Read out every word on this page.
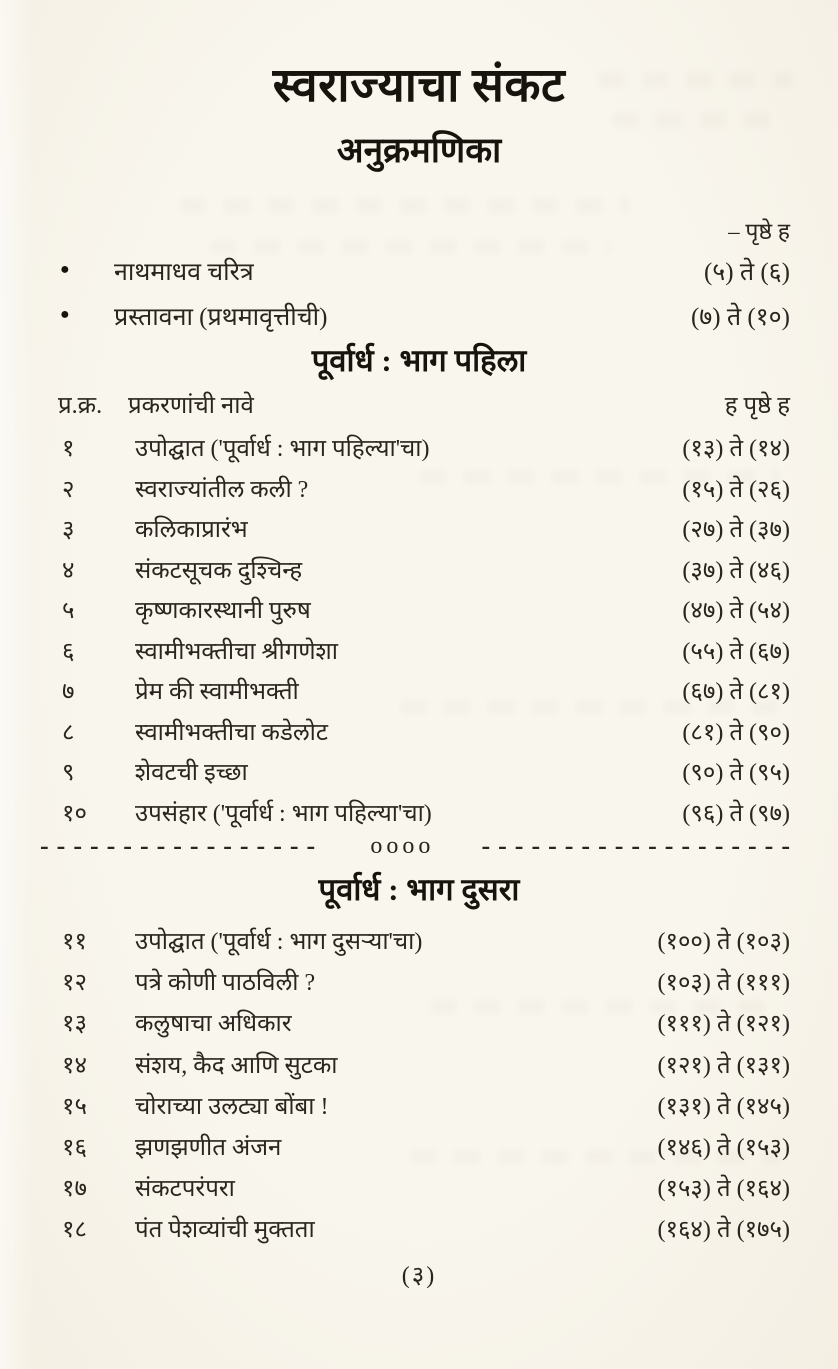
स्वराज्याचा संकट
अनुक्रमणिका
– पृष्ठे ह
● नाथमाधव चरित्र	(५) ते (६)
● प्रस्तावना (प्रथमावृत्तीची)	(७) ते (१०)
पूर्वार्ध : भाग पहिला
प्र.क्र. प्रकरणांची नावे	ह पृष्ठे ह
१	उपोद्घात ('पूर्वार्ध : भाग पहिल्या'चा)	(१३) ते (१४)
२	स्वराज्यांतील कली ?	(१५) ते (२६)
३	कलिकाप्रारंभ	(२७) ते (३७)
४	संकटसूचक दुश्चिन्ह	(३७) ते (४६)
५	कृष्णकारस्थानी पुरुष	(४७) ते (५४)
६	स्वामीभक्तीचा श्रीगणेशा	(५५) ते (६७)
७	प्रेम की स्वामीभक्ती	(६७) ते (८१)
८	स्वामीभक्तीचा कडेलोट	(८१) ते (९०)
९	शेवटची इच्छा	(९०) ते (९५)
१० उपसंहार ('पूर्वार्ध : भाग पहिल्या'चा)	(९६) ते (९७)
----------------- oooo -------------------
पूर्वार्ध : भाग दुसरा
११ उपोद्घात ('पूर्वार्ध : भाग दुसऱ्या'चा)	(१००) ते (१०३)
१२ पत्रे कोणी पाठविली ?	(१०३) ते (१११)
१३ कलुषाचा अधिकार	(१११) ते (१२१)
१४ संशय, कैद आणि सुटका	(१२१) ते (१३१)
१५ चोराच्या उलट्या बोंबा !	(१३१) ते (१४५)
१६ झणझणीत अंजन	(१४६) ते (१५३)
१७ संकटपरंपरा	(१५३) ते (१६४)
१८ पंत पेशव्यांची मुक्तता	(१६४) ते (१७५)
(३)
